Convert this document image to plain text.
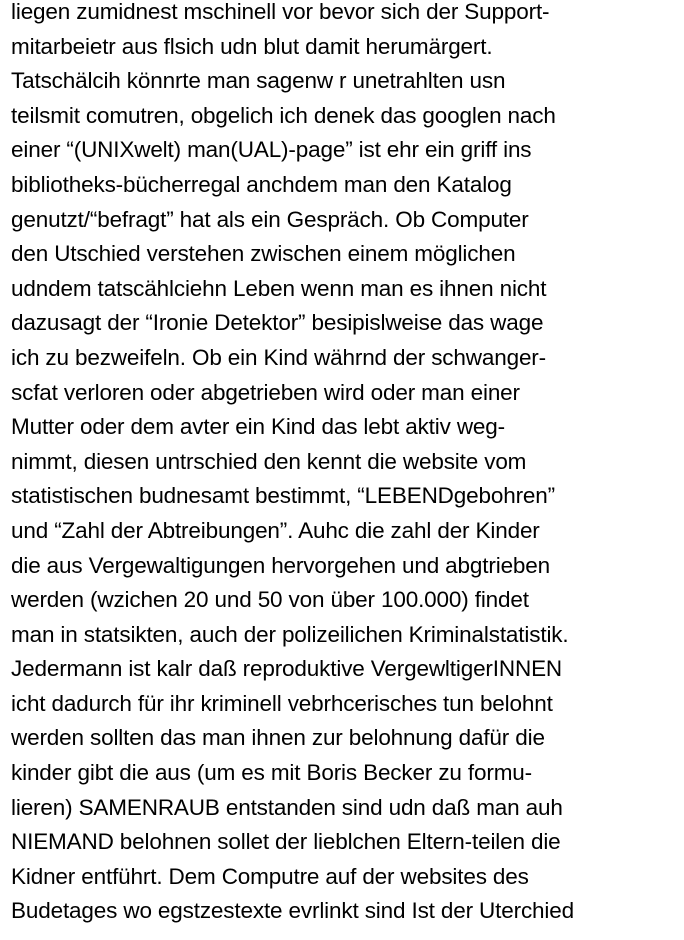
liegen zumidnest mschinell vor bevor sich der Support-
mitarbeietr aus flsich udn blut damit herumärgert.
Tatschälcih könnrte man sagenw r unetrahlten usn
teilsmit comutren, obgelich ich denek das googlen nach
einer “(UNIXwelt) man(UAL)-page” ist ehr ein griff ins
bibliotheks-bücherregal anchdem man den Katalog
genutzt/“befragt” hat als ein Gespräch. Ob Computer
den Utschied verstehen zwischen einem möglichen
udndem tatscählciehn Leben wenn man es ihnen nicht
dazusagt der “Ironie Detektor” besipislweise das wage
ich zu bezweifeln. Ob ein Kind währnd der schwanger-
scfat verloren oder abgetrieben wird oder man einer
Mutter oder dem avter ein Kind das lebt aktiv weg-
nimmt, diesen untrschied den kennt die website vom
statistischen budnesamt bestimmt, “LEBENDgebohren”
und “Zahl der Abtreibungen”. Auhc die zahl der Kinder
die aus Vergewaltigungen hervorgehen und abgtrieben
werden (wzichen 20 und 50 von über 100.000) findet
man in statsikten, auch der polizeilichen Kriminalstatistik.
Jedermann ist kalr daß reproduktive VergewltigerINNEN
icht dadurch für ihr kriminell vebrhcerisches tun belohnt
werden sollten das man ihnen zur belohnung dafür die
kinder gibt die aus (um es mit Boris Becker zu formu-
lieren) SAMENRAUB entstanden sind udn daß man auh
NIEMAND belohnen sollet der lieblchen Eltern-teilen die
Kidner entführt. Dem Computre auf der websites des
Budetages wo egstzestexte evrlinkt sind Ist der Uterchied
